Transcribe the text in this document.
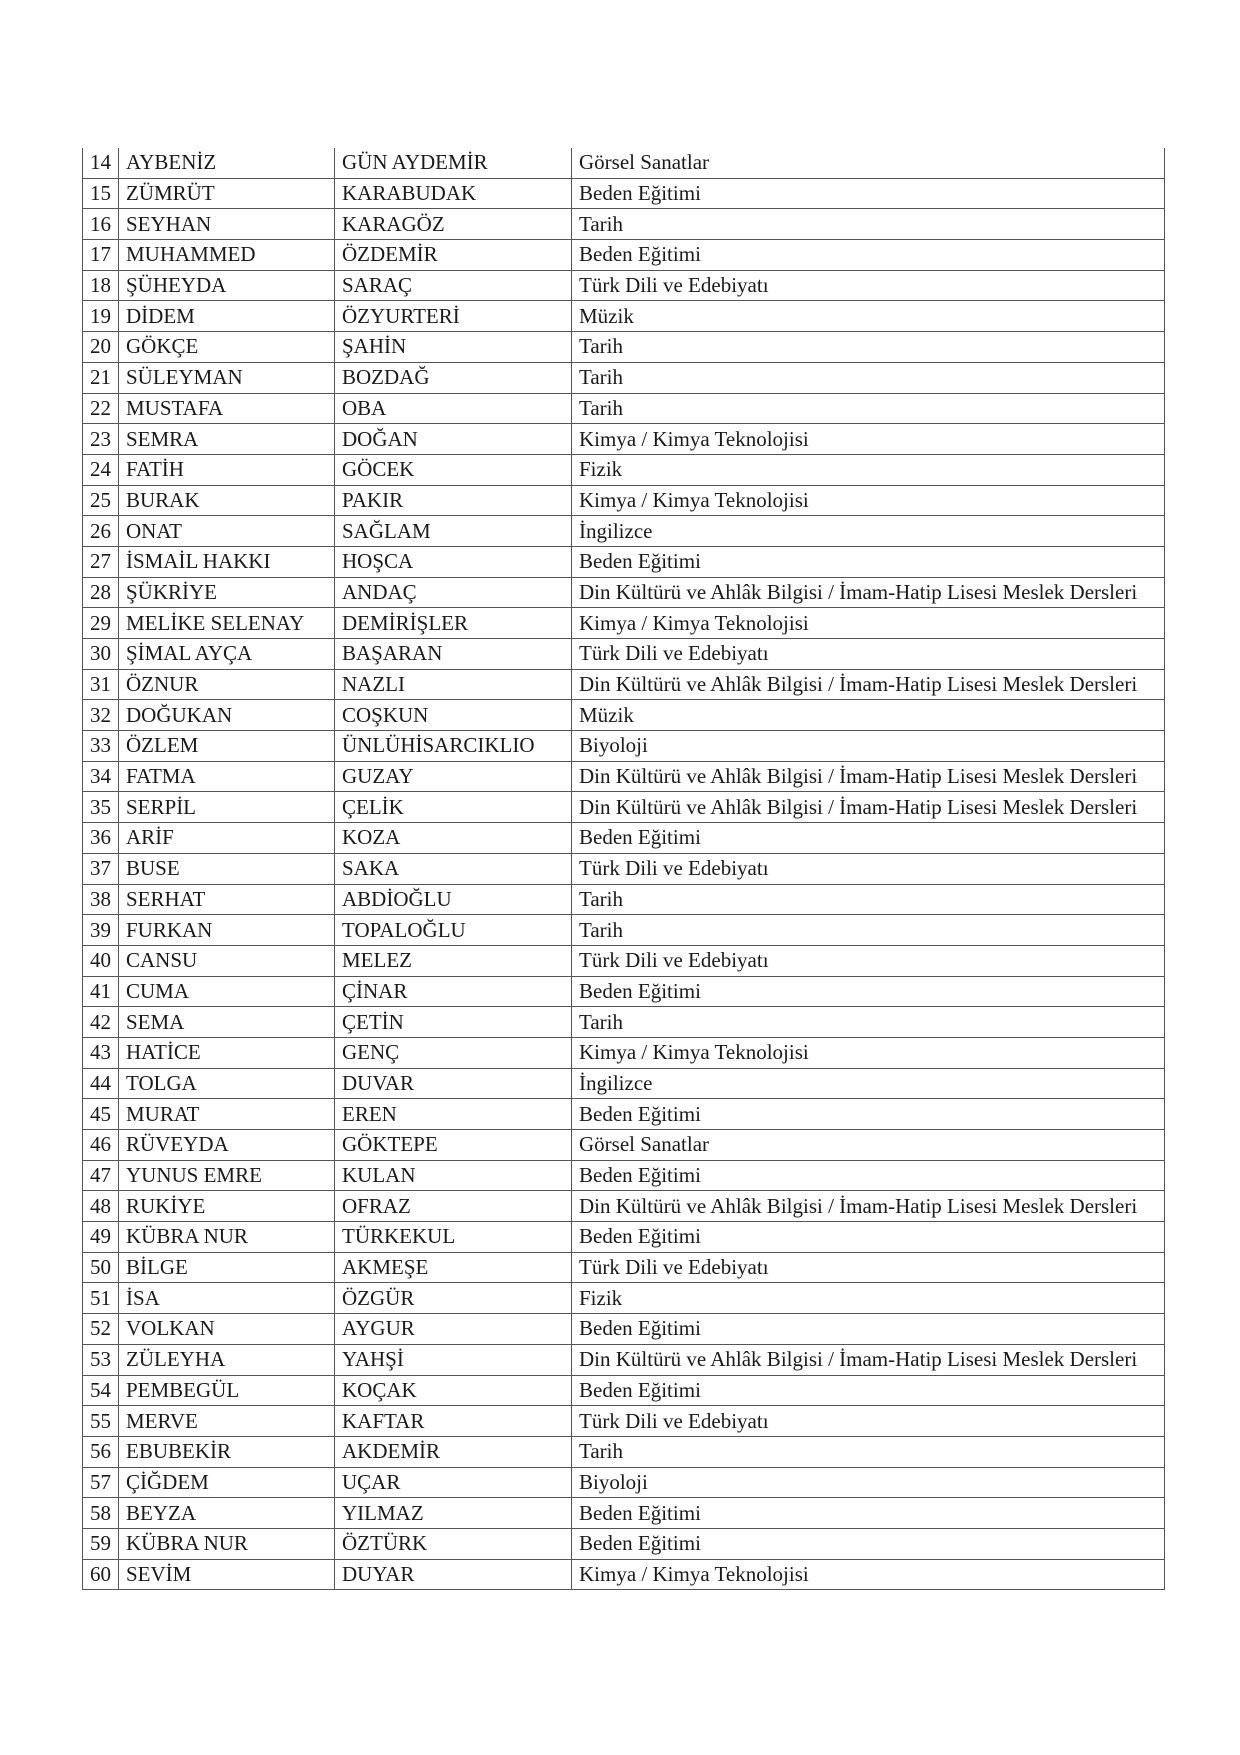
14	AYBENİZ	GÜN AYDEMİR	Görsel Sanatlar
15	ZÜMRÜT	KARABUDAK	Beden Eğitimi
16	SEYHAN	KARAGÖZ	Tarih
17	MUHAMMED	ÖZDEMİR	Beden Eğitimi
18	ŞÜHEYDA	SARAÇ	Türk Dili ve Edebiyatı
19	DİDEM	ÖZYURTERİ	Müzik
20	GÖKÇE	ŞAHİN	Tarih
21	SÜLEYMAN	BOZDAĞ	Tarih
22	MUSTAFA	OBA	Tarih
23	SEMRA	DOĞAN	Kimya / Kimya Teknolojisi
24	FATİH	GÖCEK	Fizik
25	BURAK	PAKIR	Kimya / Kimya Teknolojisi
26	ONAT	SAĞLAM	İngilizce
27	İSMAİL HAKKI	HOŞCA	Beden Eğitimi
28	ŞÜKRİYE	ANDAÇ	Din Kültürü ve Ahlâk Bilgisi / İmam-Hatip Lisesi Meslek Dersleri
29	MELİKE SELENAY	DEMİRİŞLER	Kimya / Kimya Teknolojisi
30	ŞİMAL AYÇA	BAŞARAN	Türk Dili ve Edebiyatı
31	ÖZNUR	NAZLI	Din Kültürü ve Ahlâk Bilgisi / İmam-Hatip Lisesi Meslek Dersleri
32	DOĞUKAN	COŞKUN	Müzik
33	ÖZLEM	ÜNLÜHİSARCIKLIO	Biyoloji
34	FATMA	GUZAY	Din Kültürü ve Ahlâk Bilgisi / İmam-Hatip Lisesi Meslek Dersleri
35	SERPİL	ÇELİK	Din Kültürü ve Ahlâk Bilgisi / İmam-Hatip Lisesi Meslek Dersleri
36	ARİF	KOZA	Beden Eğitimi
37	BUSE	SAKA	Türk Dili ve Edebiyatı
38	SERHAT	ABDİOĞLU	Tarih
39	FURKAN	TOPALOĞLU	Tarih
40	CANSU	MELEZ	Türk Dili ve Edebiyatı
41	CUMA	ÇİNAR	Beden Eğitimi
42	SEMA	ÇETİN	Tarih
43	HATİCE	GENÇ	Kimya / Kimya Teknolojisi
44	TOLGA	DUVAR	İngilizce
45	MURAT	EREN	Beden Eğitimi
46	RÜVEYDA	GÖKTEPE	Görsel Sanatlar
47	YUNUS EMRE	KULAN	Beden Eğitimi
48	RUKİYE	OFRAZ	Din Kültürü ve Ahlâk Bilgisi / İmam-Hatip Lisesi Meslek Dersleri
49	KÜBRA NUR	TÜRKEKUL	Beden Eğitimi
50	BİLGE	AKMEŞE	Türk Dili ve Edebiyatı
51	İSA	ÖZGÜR	Fizik
52	VOLKAN	AYGUR	Beden Eğitimi
53	ZÜLEYHA	YAHŞİ	Din Kültürü ve Ahlâk Bilgisi / İmam-Hatip Lisesi Meslek Dersleri
54	PEMBEGÜL	KOÇAK	Beden Eğitimi
55	MERVE	KAFTAR	Türk Dili ve Edebiyatı
56	EBUBEKİR	AKDEMİR	Tarih
57	ÇİĞDEM	UÇAR	Biyoloji
58	BEYZA	YILMAZ	Beden Eğitimi
59	KÜBRA NUR	ÖZTÜRK	Beden Eğitimi
60	SEVİM	DUYAR	Kimya / Kimya Teknolojisi
